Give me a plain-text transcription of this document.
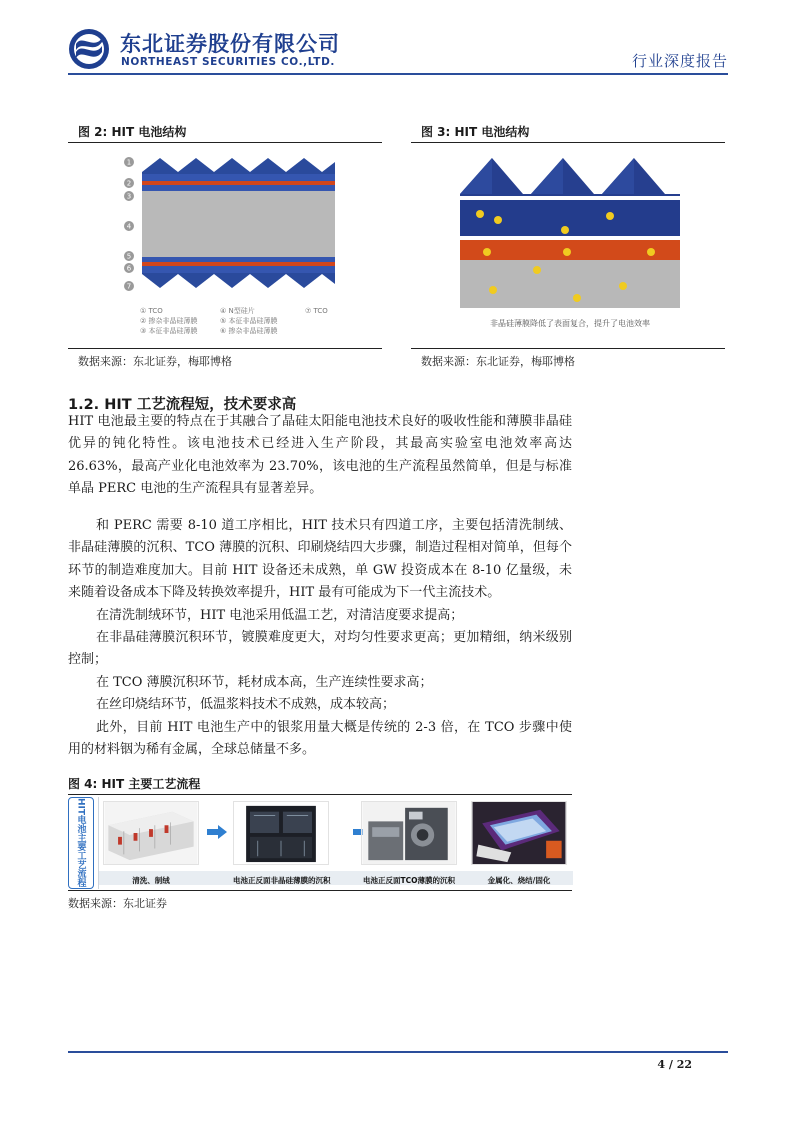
东北证券股份有限公司
NORTHEAST SECURITIES CO.,LTD.	行业深度报告
图 2: HIT 电池结构
1
2
3
4
5
6
7
① TCO	④ N型硅片	⑦ TCO
② 掺杂非晶硅薄膜	⑤ 本征非晶硅薄膜
③ 本征非晶硅薄膜	⑥ 掺杂非晶硅薄膜
数据来源：东北证券，梅耶博格
图 3: HIT 电池结构
非晶硅薄膜降低了表面复合，提升了电池效率
数据来源：东北证券，梅耶博格
1.2. HIT 工艺流程短，技术要求高
HIT 电池最主要的特点在于其融合了晶硅太阳能电池技术良好的吸收性能和薄膜非晶硅优异的钝化特性。该电池技术已经进入生产阶段，其最高实验室电池效率高达 26.63%，最高产业化电池效率为 23.70%，该电池的生产流程虽然简单，但是与标准单晶 PERC 电池的生产流程具有显著差异。
和 PERC 需要 8-10 道工序相比，HIT 技术只有四道工序，主要包括清洗制绒、非晶硅薄膜的沉积、TCO 薄膜的沉积、印刷烧结四大步骤，制造过程相对简单，但每个环节的制造难度加大。目前 HIT 设备还未成熟，单 GW 投资成本在 8-10 亿量级，未来随着设备成本下降及转换效率提升，HIT 最有可能成为下一代主流技术。
在清洗制绒环节，HIT 电池采用低温工艺，对清洁度要求提高；
在非晶硅薄膜沉积环节，镀膜难度更大，对均匀性要求更高；更加精细，纳米级别控制；
在 TCO 薄膜沉积环节，耗材成本高，生产连续性要求高；
在丝印烧结环节，低温浆料技术不成熟，成本较高；
此外，目前 HIT 电池生产中的银浆用量大概是传统的 2-3 倍，在 TCO 步骤中使用的材料铟为稀有金属，全球总储量不多。
图 4: HIT 主要工艺流程
HIT电池主要工艺流程	清洗、制绒	电池正反面非晶硅薄膜的沉积	电池正反面TCO薄膜的沉积	金属化、烧结/固化
数据来源：东北证券
4 / 22
